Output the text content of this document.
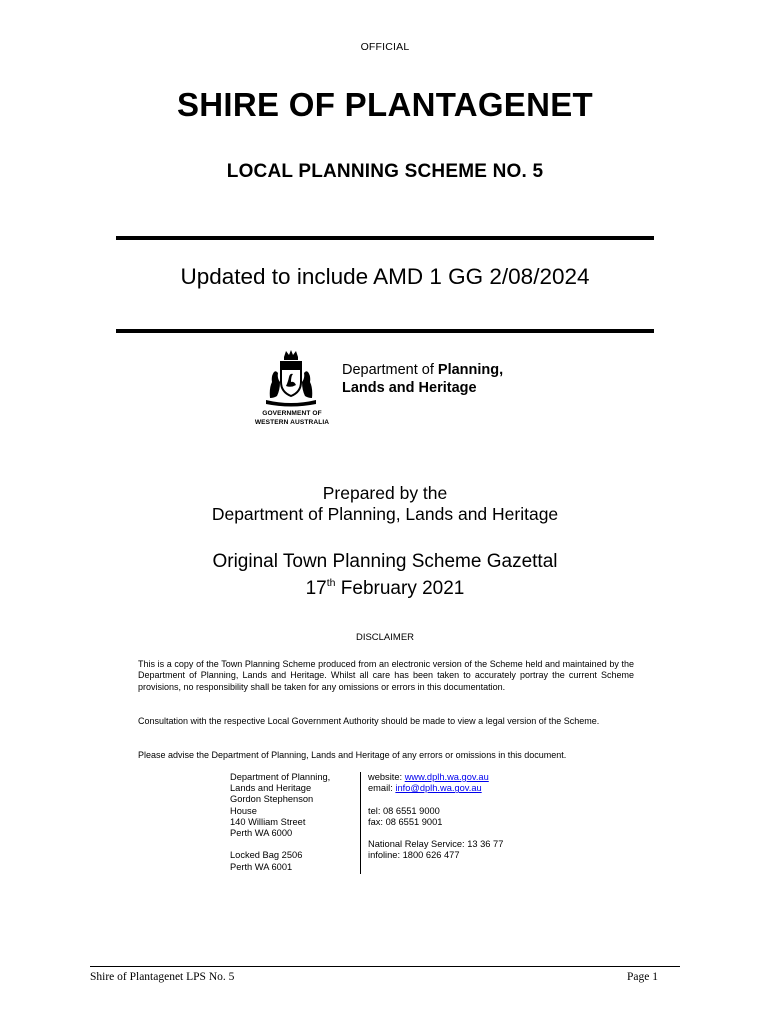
OFFICIAL
SHIRE OF PLANTAGENET
LOCAL PLANNING SCHEME NO. 5
Updated to include AMD 1 GG 2/08/2024
GOVERNMENT OF
WESTERN AUSTRALIA
Department of Planning,
Lands and Heritage
Prepared by the
Department of Planning, Lands and Heritage
Original Town Planning Scheme Gazettal
17th February 2021
DISCLAIMER
This is a copy of the Town Planning Scheme produced from an electronic version of the Scheme held and maintained by the Department of Planning, Lands and Heritage. Whilst all care has been taken to accurately portray the current Scheme provisions, no responsibility shall be taken for any omissions or errors in this documentation.
Consultation with the respective Local Government Authority should be made to view a legal version of the Scheme.
Please advise the Department of Planning, Lands and Heritage of any errors or omissions in this document.
Department of Planning,
Lands and Heritage
Gordon Stephenson
House
140 William Street
Perth WA 6000
Locked Bag 2506
Perth WA 6001
website: www.dplh.wa.gov.au
email: info@dplh.wa.gov.au
tel: 08 6551 9000
fax: 08 6551 9001
National Relay Service: 13 36 77
infoline: 1800 626 477
Shire of Plantagenet LPS No. 5	Page 1
